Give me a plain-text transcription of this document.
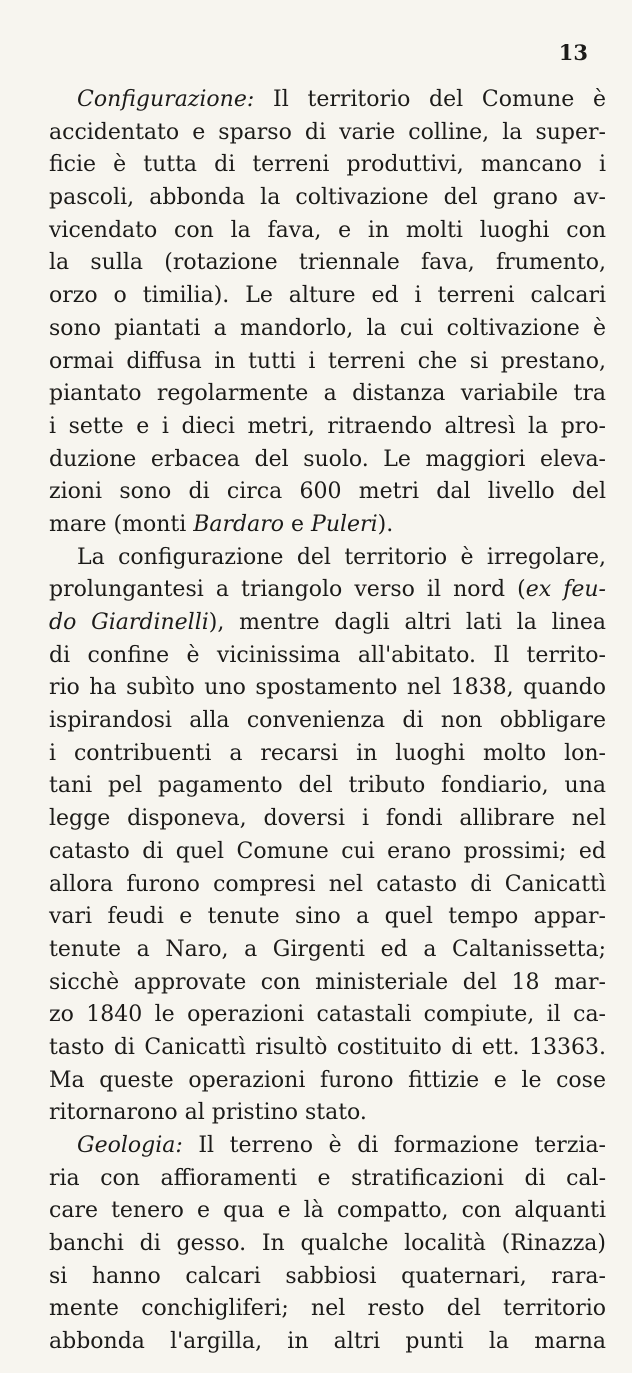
13
Configurazione: Il territorio del Comune è
accidentato e sparso di varie colline, la super-
ficie è tutta di terreni produttivi, mancano i
pascoli, abbonda la coltivazione del grano av-
vicendato con la fava, e in molti luoghi con
la sulla (rotazione triennale fava, frumento,
orzo o timilia). Le alture ed i terreni calcari
sono piantati a mandorlo, la cui coltivazione è
ormai diffusa in tutti i terreni che si prestano,
piantato regolarmente a distanza variabile tra
i sette e i dieci metri, ritraendo altresì la pro-
duzione erbacea del suolo. Le maggiori eleva-
zioni sono di circa 600 metri dal livello del
mare (monti Bardaro e Puleri).
La configurazione del territorio è irregolare,
prolungantesi a triangolo verso il nord (ex feu-
do Giardinelli), mentre dagli altri lati la linea
di confine è vicinissima all'abitato. Il territo-
rio ha subìto uno spostamento nel 1838, quando
ispirandosi alla convenienza di non obbligare
i contribuenti a recarsi in luoghi molto lon-
tani pel pagamento del tributo fondiario, una
legge disponeva, doversi i fondi allibrare nel
catasto di quel Comune cui erano prossimi; ed
allora furono compresi nel catasto di Canicattì
vari feudi e tenute sino a quel tempo appar-
tenute a Naro, a Girgenti ed a Caltanissetta;
sicchè approvate con ministeriale del 18 mar-
zo 1840 le operazioni catastali compiute, il ca-
tasto di Canicattì risultò costituito di ett. 13363.
Ma queste operazioni furono fittizie e le cose
ritornarono al pristino stato.
Geologia: Il terreno è di formazione terzia-
ria con affioramenti e stratificazioni di cal-
care tenero e qua e là compatto, con alquanti
banchi di gesso. In qualche località (Rinazza)
si hanno calcari sabbiosi quaternari, rara-
mente conchigliferi; nel resto del territorio
abbonda l'argilla, in altri punti la marna
